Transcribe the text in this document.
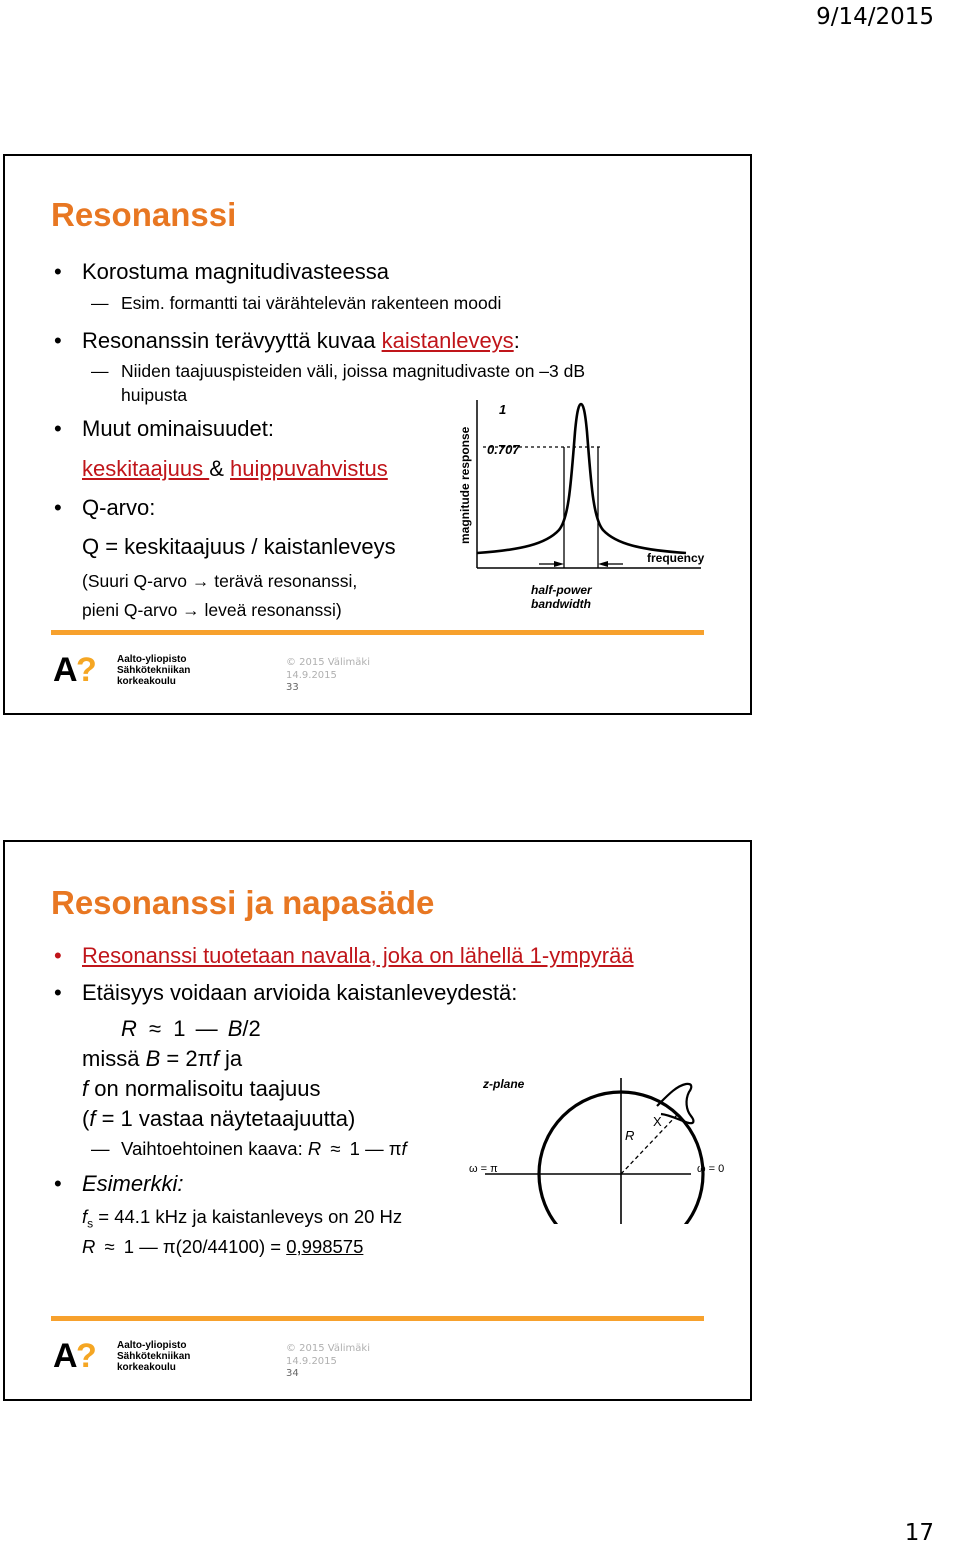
9/14/2015
Resonanssi
• Korostuma magnitudivasteessa
— Esim. formantti tai värähtelevän rakenteen moodi
• Resonanssin terävyyttä kuvaa kaistanleveys:
— Niiden taajuuspisteiden väli, joissa magnitudivaste on –3 dB
huipusta
• Muut ominaisuudet:
keskitaajuus & huippuvahvistus
• Q-arvo:
Q = keskitaajuus / kaistanleveys
(Suuri Q-arvo → terävä resonanssi,
pieni Q-arvo → leveä resonanssi)
1
0.707
magnitude response
frequency
half-power
bandwidth
A
? Aalto-yliopisto
Sähkötekniikan
korkeakoulu
© 2015 Välimäki
14.9.2015
33
Resonanssi ja napasäde
• Resonanssi tuotetaan navalla, joka on lähellä 1-ympyrää
• Etäisyys voidaan arvioida kaistanleveydestä:
R ≈ 1 — B/2
missä B = 2πf ja
f on normalisoitu taajuus
(f = 1 vastaa näytetaajuutta)
— Vaihtoehtoinen kaava: R ≈ 1 — πf
• Esimerkki:
$f_s = 44.1$ kHz ja kaistanleveys on 20 Hz
R ≈ 1 — π(20/44100) = 0,998575
z-plane
R
X
ω = π	ω = 0
A
? Aalto-yliopisto
Sähkötekniikan
korkeakoulu
© 2015 Välimäki
14.9.2015
34
17
